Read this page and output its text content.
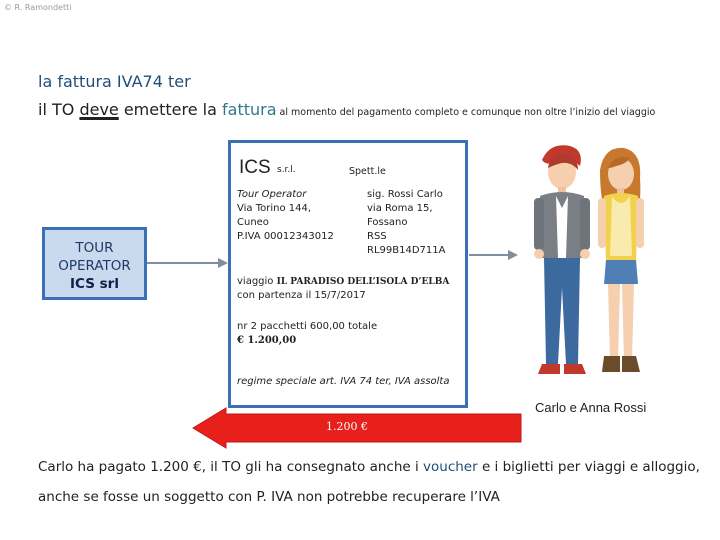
© R. Ramondetti
la fattura IVA74 ter
il TO deve emettere la fattura al momento del pagamento completo e comunque non oltre l’inizio del viaggio
1.200 €
TOUR
OPERATOR
ICS srl
ICS s.r.l.	Spett.le
Tour Operator
Via Torino 144,
Cuneo
P.IVA 00012343012
sig. Rossi Carlo
via Roma 15, Fossano
RSS RL99B14D711A
viaggio IL PARADISO DELL’ISOLA D’ELBA
con partenza il 15/7/2017
nr 2 pacchetti 600,00 totale
€ 1.200,00
regime speciale art. IVA 74 ter, IVA assolta
Carlo e Anna Rossi
Carlo ha pagato 1.200 €, il TO gli ha consegnato anche i voucher e i biglietti per viaggi e alloggio,
anche se fosse un soggetto con P. IVA non potrebbe recuperare l’IVA
